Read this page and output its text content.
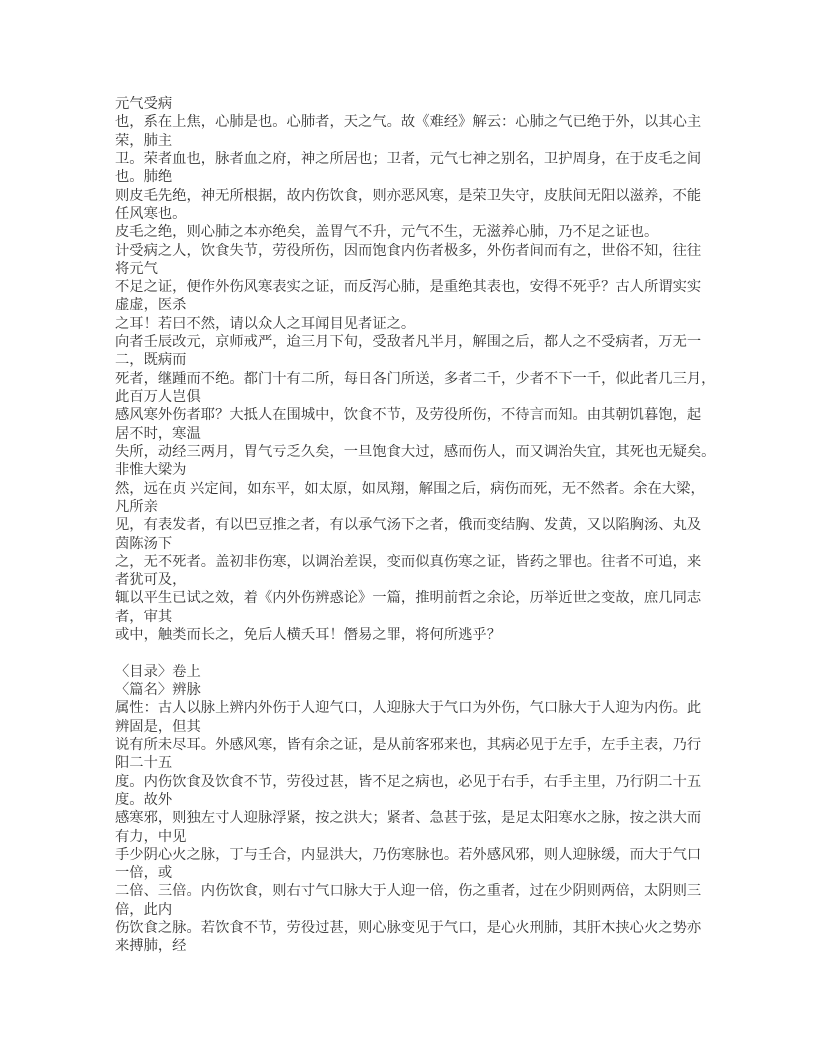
元气受病
也，系在上焦，心肺是也。心肺者，天之气。故《难经》解云：心肺之气已绝于外，以其心主
荣，肺主
卫。荣者血也，脉者血之府，神之所居也；卫者，元气七神之别名，卫护周身，在于皮毛之间
也。肺绝
则皮毛先绝，神无所根据，故内伤饮食，则亦恶风寒，是荣卫失守，皮肤间无阳以滋养，不能
任风寒也。
皮毛之绝，则心肺之本亦绝矣，盖胃气不升，元气不生，无滋养心肺，乃不足之证也。
计受病之人，饮食失节，劳役所伤，因而饱食内伤者极多，外伤者间而有之，世俗不知，往往
将元气
不足之证，便作外伤风寒表实之证，而反泻心肺，是重绝其表也，安得不死乎？古人所谓实实
虚虚，医杀
之耳！若曰不然，请以众人之耳闻目见者证之。
向者壬辰改元，京师戒严，迨三月下旬，受敌者凡半月，解围之后，都人之不受病者，万无一
二，既病而
死者，继踵而不绝。都门十有二所，每日各门所送，多者二千，少者不下一千，似此者几三月，
此百万人岂俱
感风寒外伤者耶？大抵人在围城中，饮食不节，及劳役所伤，不待言而知。由其朝饥暮饱，起
居不时，寒温
失所，动经三两月，胃气亏乏久矣，一旦饱食大过，感而伤人，而又调治失宜，其死也无疑矣。
非惟大梁为
然，远在贞 兴定间，如东平，如太原，如凤翔，解围之后，病伤而死，无不然者。余在大梁，
凡所亲
见，有表发者，有以巴豆推之者，有以承气汤下之者，俄而变结胸、发黄，又以陷胸汤、丸及
茵陈汤下
之，无不死者。盖初非伤寒，以调治差误，变而似真伤寒之证，皆药之罪也。往者不可追，来
者犹可及，
辄以平生已试之效，着《内外伤辨惑论》一篇，推明前哲之余论，历举近世之变故，庶几同志
者，审其
或中，触类而长之，免后人横夭耳！僭易之罪，将何所逃乎？
〈目录〉卷上
〈篇名〉辨脉
属性：古人以脉上辨内外伤于人迎气口，人迎脉大于气口为外伤，气口脉大于人迎为内伤。此
辨固是，但其
说有所未尽耳。外感风寒，皆有余之证，是从前客邪来也，其病必见于左手，左手主表，乃行
阳二十五
度。内伤饮食及饮食不节，劳役过甚，皆不足之病也，必见于右手，右手主里，乃行阴二十五
度。故外
感寒邪，则独左寸人迎脉浮紧，按之洪大；紧者、急甚于弦，是足太阳寒水之脉，按之洪大而
有力，中见
手少阴心火之脉，丁与壬合，内显洪大，乃伤寒脉也。若外感风邪，则人迎脉缓，而大于气口
一倍，或
二倍、三倍。内伤饮食，则右寸气口脉大于人迎一倍，伤之重者，过在少阴则两倍，太阴则三
倍，此内
伤饮食之脉。若饮食不节，劳役过甚，则心脉变见于气口，是心火刑肺，其肝木挟心火之势亦
来搏肺，经
